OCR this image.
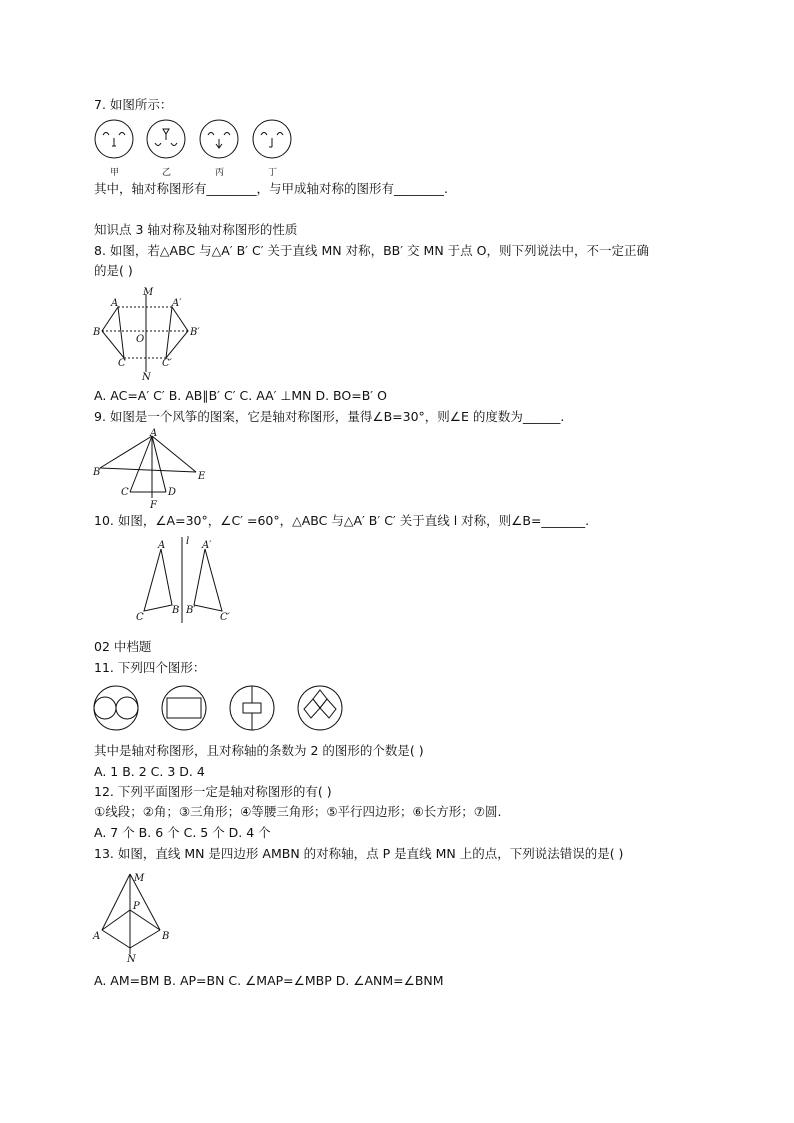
7. 如图所示：
甲	乙	丙	丁
其中，轴对称图形有________，与甲成轴对称的图形有________.
知识点 3 轴对称及轴对称图形的性质
8. 如图，若△ABC 与△A′ B′ C′ 关于直线 MN 对称，BB′ 交 MN 于点 O，则下列说法中，不一定正确
的是( )
M
A	A′
B	B′
O
C	C′
N
A. AC=A′ C′ B. AB∥B′ C′ C. AA′ ⊥MN D. BO=B′ O
9. 如图是一个风筝的图案，它是轴对称图形，量得∠B=30°，则∠E 的度数为______.
A
B	E
C	D
F
10. 如图，∠A=30°，∠C′ =60°，△ABC 与△A′ B′ C′ 关于直线 l 对称，则∠B=_______.
A	A′
l
B B′
C	C′
02 中档题
11. 下列四个图形：
其中是轴对称图形，且对称轴的条数为 2 的图形的个数是( )
A. 1 B. 2 C. 3 D. 4
12. 下列平面图形一定是轴对称图形的有( )
①线段；②角；③三角形；④等腰三角形；⑤平行四边形；⑥长方形；⑦圆.
A. 7 个 B. 6 个 C. 5 个 D. 4 个
13. 如图，直线 MN 是四边形 AMBN 的对称轴，点 P 是直线 MN 上的点，下列说法错误的是( )
M
P
A	B
N
A. AM=BM B. AP=BN C. ∠MAP=∠MBP D. ∠ANM=∠BNM
